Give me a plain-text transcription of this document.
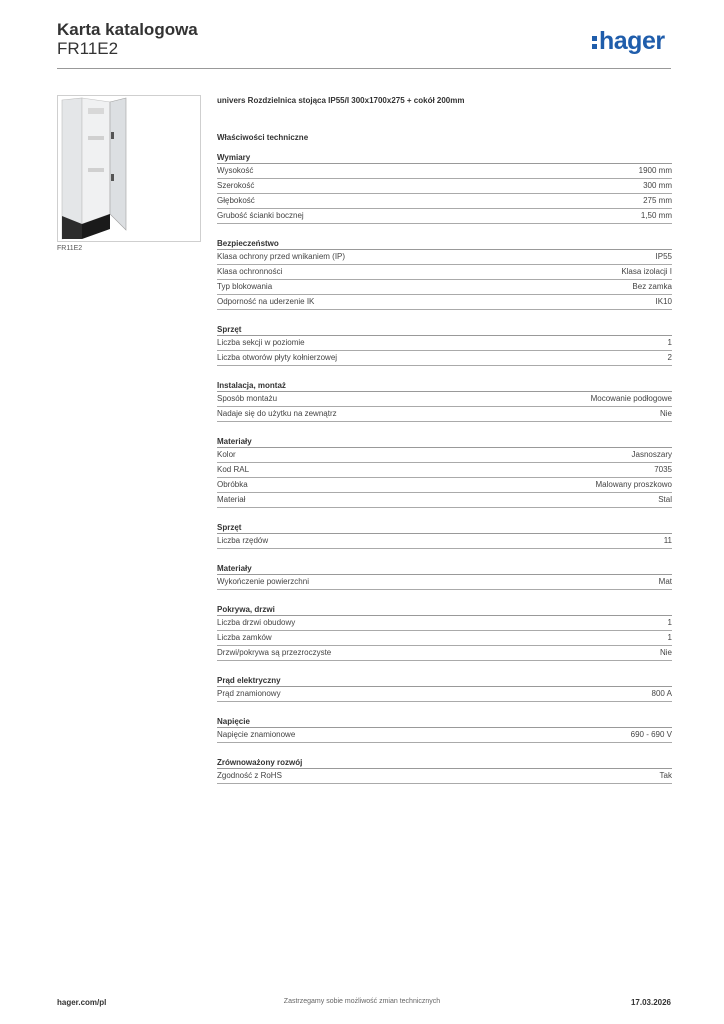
Karta katalogowa
FR11E2	hager
FR11E2
univers Rozdzielnica stojąca IP55/I 300x1700x275 + cokół 200mm
Właściwości techniczne
Wymiary
Wysokość	1900 mm
Szerokość	300 mm
Głębokość	275 mm
Grubość ścianki bocznej	1,50 mm
Bezpieczeństwo
Klasa ochrony przed wnikaniem (IP)	IP55
Klasa ochronności	Klasa izolacji I
Typ blokowania	Bez zamka
Odporność na uderzenie IK	IK10
Sprzęt
Liczba sekcji w poziomie	1
Liczba otworów płyty kołnierzowej	2
Instalacja, montaż
Sposób montażu	Mocowanie podłogowe
Nadaje się do użytku na zewnątrz	Nie
Materiały
Kolor	Jasnoszary
Kod RAL	7035
Obróbka	Malowany proszkowo
Materiał	Stal
Sprzęt
Liczba rzędów	11
Materiały
Wykończenie powierzchni	Mat
Pokrywa, drzwi
Liczba drzwi obudowy	1
Liczba zamków	1
Drzwi/pokrywa są przezroczyste	Nie
Prąd elektryczny
Prąd znamionowy	800 A
Napięcie
Napięcie znamionowe	690 - 690 V
Zrównoważony rozwój
Zgodność z RoHS	Tak
hager.com/pl	Zastrzegamy sobie możliwość zmian technicznych	17.03.2026
